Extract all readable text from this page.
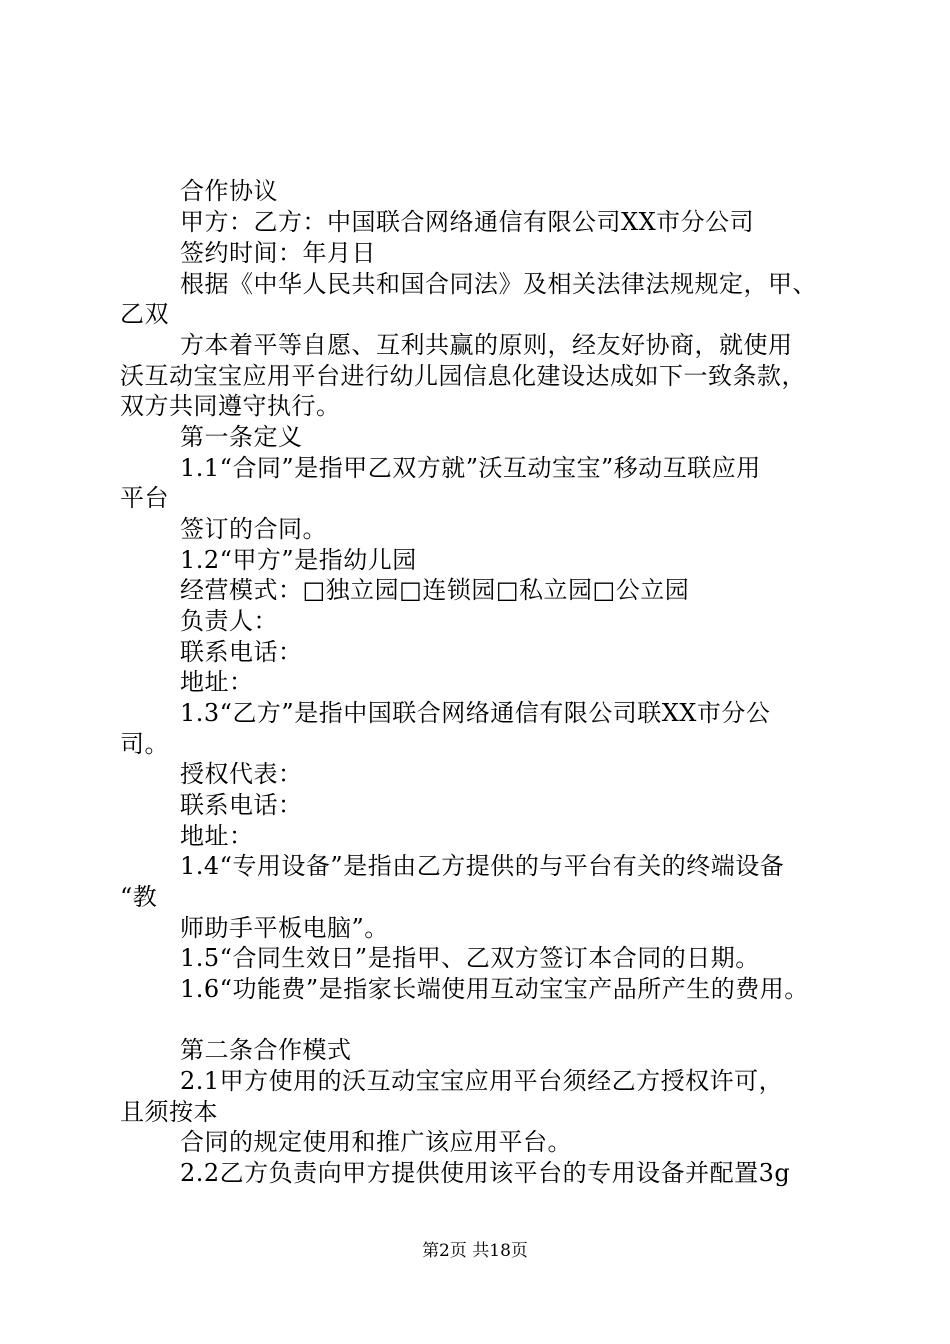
合作协议
甲方：乙方：中国联合网络通信有限公司XX市分公司
签约时间：年月日
根据《中华人民共和国合同法》及相关法律法规规定，甲、
乙双
方本着平等自愿、互利共赢的原则，经友好协商，就使用
沃互动宝宝应用平台进行幼儿园信息化建设达成如下一致条款，
双方共同遵守执行。
第一条定义
1.1“合同”是指甲乙双方就”沃互动宝宝”移动互联应用
平台
签订的合同。
1.2“甲方”是指幼儿园
经营模式：□独立园□连锁园□私立园□公立园
负责人：
联系电话：
地址：
1.3“乙方”是指中国联合网络通信有限公司联XX市分公
司。
授权代表：
联系电话：
地址：
1.4“专用设备”是指由乙方提供的与平台有关的终端设备
“教
师助手平板电脑”。
1.5“合同生效日”是指甲、乙双方签订本合同的日期。
1.6“功能费”是指家长端使用互动宝宝产品所产生的费用。
第二条合作模式
2.1甲方使用的沃互动宝宝应用平台须经乙方授权许可，
且须按本
合同的规定使用和推广该应用平台。
2.2乙方负责向甲方提供使用该平台的专用设备并配置3g
第2页 共18页
